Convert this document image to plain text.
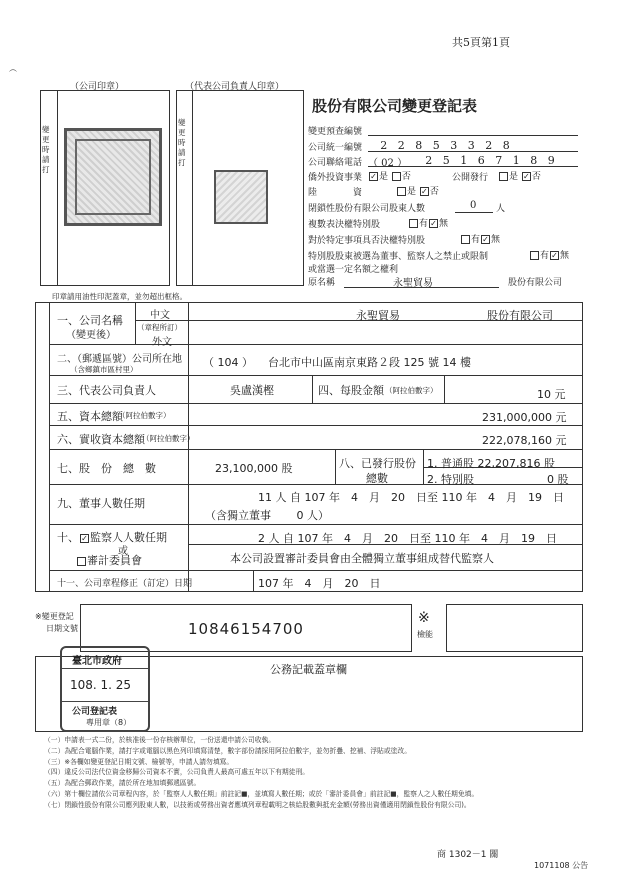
共5頁第1頁
︵
（公司印章）	（代表公司負責人印章）
變更時請打
變更時請打
印章請用油性印泥蓋章，並勿超出框格。
股份有限公司變更登記表
變更預查編號
公司統一編號	2 2 8 5 3 3 2 8
公司聯絡電話 （ 02 ）	2 5 1 6 7 1 8 9
僑外投資事業 ✓ 是 否	公開發行	是 ✓ 否
陸　　　　資	是 ✓ 否
閉鎖性股份有限公司股東人數	0 人
複數表決權特別股	有 ✓ 無
對於特定事項具否決權特別股	有 ✓ 無
特別股股東被選為董事、監察人之禁止或限制	有 ✓ 無
或當選一定名額之權利
原名稱	永聖貿易	股份有限公司
一、公司名稱
（變更後）
中文
（章程所訂）
外文
永聖貿易	股份有限公司
二、（郵遞區號）公司所在地
（含鄉鎮市區村里）
（ 104 ） 台北市中山區南京東路２段 125 號 14 樓
三、代表公司負責人	吳盧漢樫	四、每股金額 （阿拉伯數字）	10 元
五、資本總額
（阿拉伯數字）	231,000,000 元
六、實收資本總額
（阿拉伯數字）	222,078,160 元
七、股　份　總　數	23,100,000 股	八、已發行股份
總數
1. 普通股 22,207,816 股
2. 特別股	0 股
九、董事人數任期	11 人 自 107 年　4　月　20　日至 110 年　4　月　19　日
（含獨立董事　　 0 人）
十、 ✓ 監察人人數任期
或
審計委員會
2 人 自 107 年　4　月　20　日至 110 年　4　月　19　日
本公司設置審計委員會由全體獨立董事組成替代監察人
十一、公司章程修正（訂定）日期	107 年　4　月　20　日
※變更登記
日期文號	10846154700
※
檢能
公務記載蓋章欄
臺北市政府
108. 1. 25
公司登記表
專用章（8）
（一）申請表一式二份，於核准後一份存核辦單位，一份送還申請公司收執。
（二）為配合電腦作業，請打字或電腦以黑色列印填寫清楚，數字部份請採用阿拉伯數字，並勿折疊、挖補、浮貼或塗改。
（三）※各欄如變更登記日期文號、檢號等，申請人請勿填寫。
（四）違反公司法代位資金移歸公司資本不實，公司負責人最高可處五年以下有期徒刑。
（五）為配合郵政作業，請於所在地加填郵遞區號。
（六）第十欄位請依公司章程內容，於「監察人人數任期」前註記■，並填寫人數任期；或於「審計委員會」前註記■，監察人之人數任期免填。
（七）閉鎖性股份有限公司應列股東人數，以技術或勞務出資者應填列章程載明之核給股數與抵充金額(勞務出資僅適用閉鎖性股份有限公司)。
商 1302－1 關
1071108 公告
